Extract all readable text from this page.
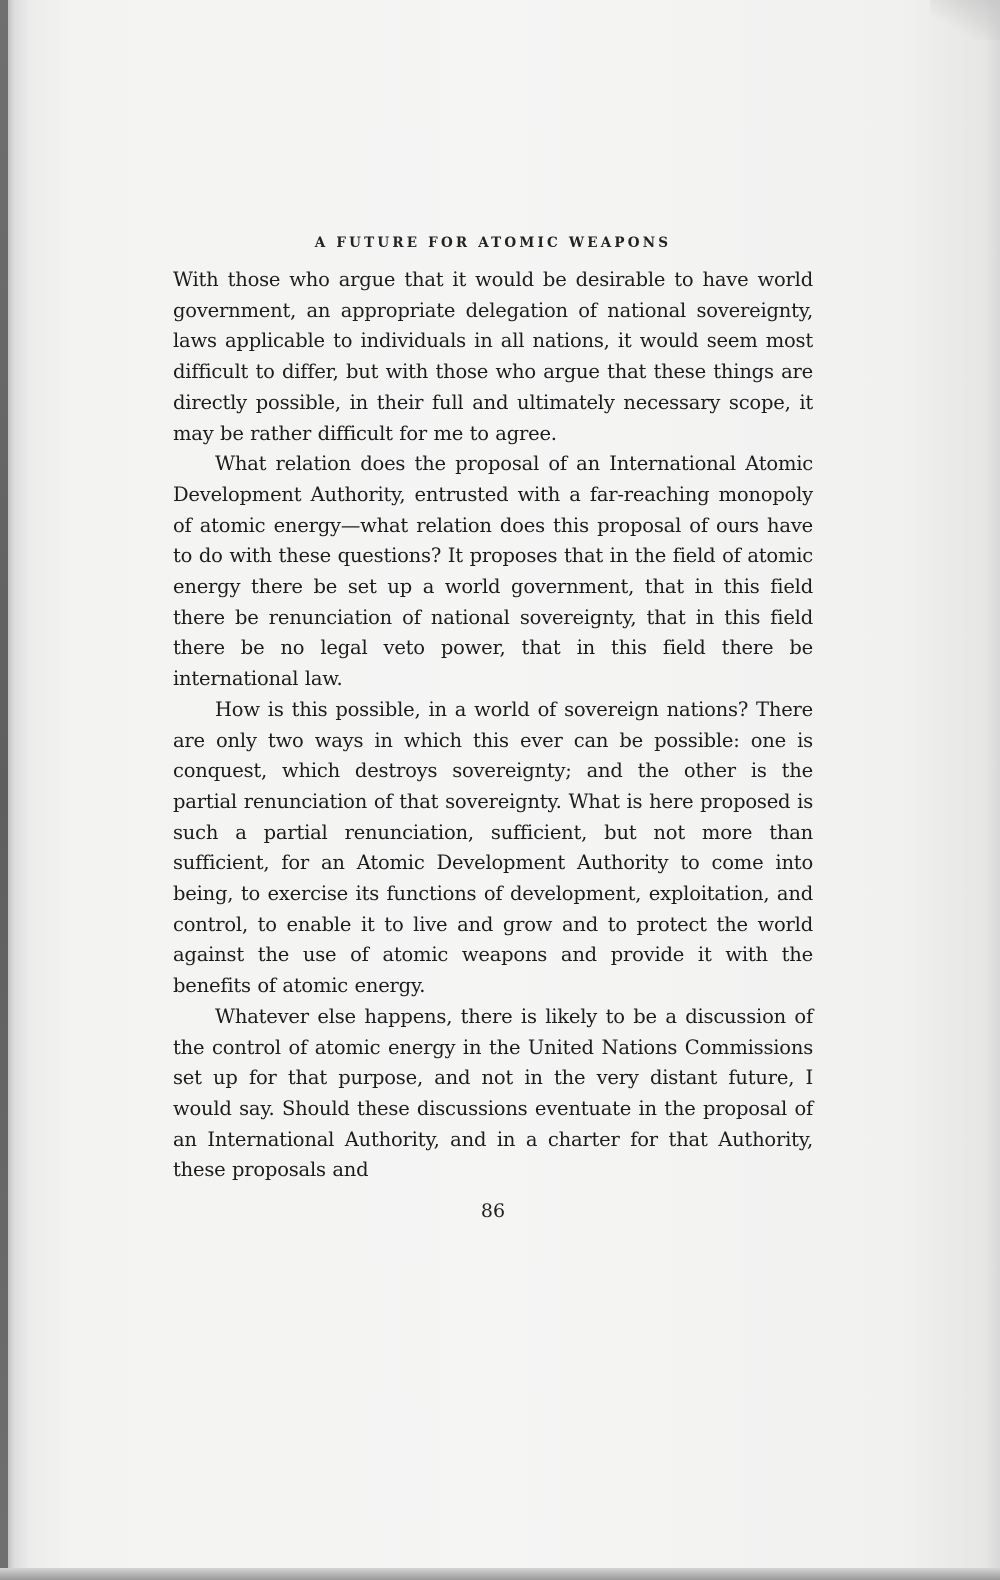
A FUTURE FOR ATOMIC WEAPONS

With those who argue that it would be desirable to have world government, an appropriate delegation of national sovereignty, laws applicable to individuals in all nations, it would seem most difficult to differ, but with those who argue that these things are directly possible, in their full and ultimately necessary scope, it may be rather difficult for me to agree.

What relation does the proposal of an International Atomic Development Authority, entrusted with a far-reaching monopoly of atomic energy—what relation does this proposal of ours have to do with these questions? It proposes that in the field of atomic energy there be set up a world government, that in this field there be renunciation of national sovereignty, that in this field there be no legal veto power, that in this field there be international law.

How is this possible, in a world of sovereign nations? There are only two ways in which this ever can be possible: one is conquest, which destroys sovereignty; and the other is the partial renunciation of that sovereignty. What is here proposed is such a partial renunciation, sufficient, but not more than sufficient, for an Atomic Development Authority to come into being, to exercise its functions of development, exploitation, and control, to enable it to live and grow and to protect the world against the use of atomic weapons and provide it with the benefits of atomic energy.

Whatever else happens, there is likely to be a discussion of the control of atomic energy in the United Nations Commissions set up for that purpose, and not in the very distant future, I would say. Should these discussions eventuate in the proposal of an International Authority, and in a charter for that Authority, these proposals and

86
